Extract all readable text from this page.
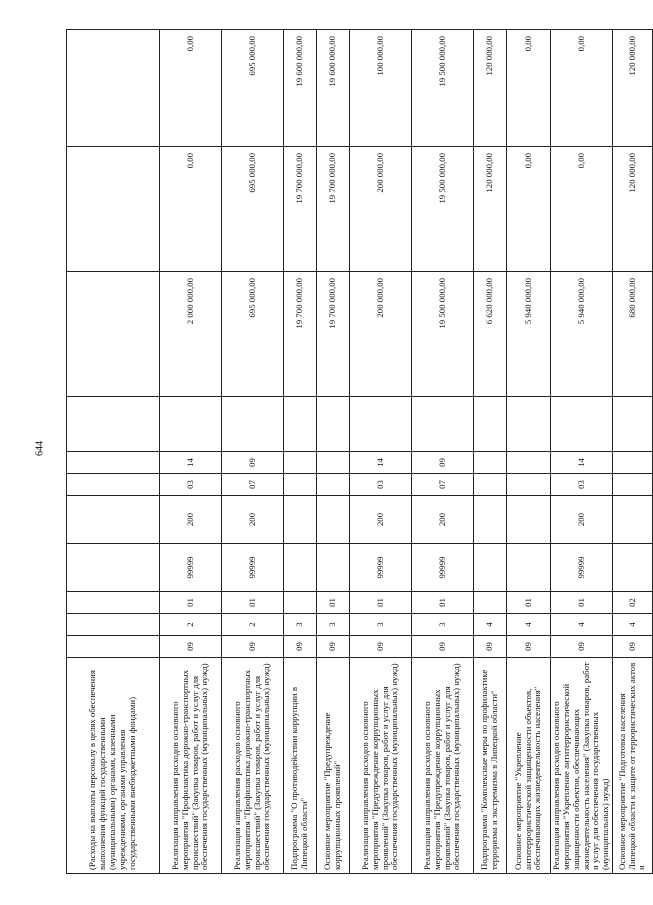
644
(Расходы на выплаты персоналу в целях обеспечения выполнения функций государственными (муниципальными) органами, казенными учреждениями, органами управления государственными внебюджетными фондами)											
Реализация направления расходов основного мероприятия "Профилактика дорожно-транспортных происшествий" (Закупка товаров, работ и услуг для обеспечения государственных (муниципальных) нужд)	09	2	01	99999	200	03	14		2 000 000,00	0,00	0,00
Реализация направления расходов основного мероприятия "Профилактика дорожно-транспортных происшествий" (Закупка товаров, работ и услуг для обеспечения государственных (муниципальных) нужд)	09	2	01	99999	200	07	09		695 000,00	695 000,00	695 000,00
Подпрограмма "О противодействии коррупции в Липецкой области"	09	3							19 700 000,00	19 700 000,00	19 600 000,00
Основное мероприятие "Предупреждение коррупционных проявлений"	09	3	01						19 700 000,00	19 700 000,00	19 600 000,00
Реализация направления расходов основного мероприятия "Предупреждение коррупционных проявлений" (Закупка товаров, работ и услуг для обеспечения государственных (муниципальных) нужд)	09	3	01	99999	200	03	14		200 000,00	200 000,00	100 000,00
Реализация направления расходов основного мероприятия "Предупреждение коррупционных проявлений" (Закупка товаров, работ и услуг для обеспечения государственных (муниципальных) нужд)	09	3	01	99999	200	07	09		19 500 000,00	19 500 000,00	19 500 000,00
Подпрограмма "Комплексные меры по профилактике терроризма и экстремизма в Липецкой области"	09	4							6 620 000,00	120 000,00	120 000,00
Основное мероприятие "Укрепление антитеррористической защищенности объектов, обеспечивающих жизнедеятельность населения"	09	4	01						5 940 000,00	0,00	0,00
Реализация направления расходов основного мероприятия "Укрепление антитеррористической защищенности объектов, обеспечивающих жизнедеятельность населения" (Закупка товаров, работ и услуг для обеспечения государственных (муниципальных) нужд)	09	4	01	99999	200	03	14		5 940 000,00	0,00	0,00
Основное мероприятие "Подготовка населения Липецкой области к защите от террористических актов и	09	4	02						680 000,00	120 000,00	120 000,00
